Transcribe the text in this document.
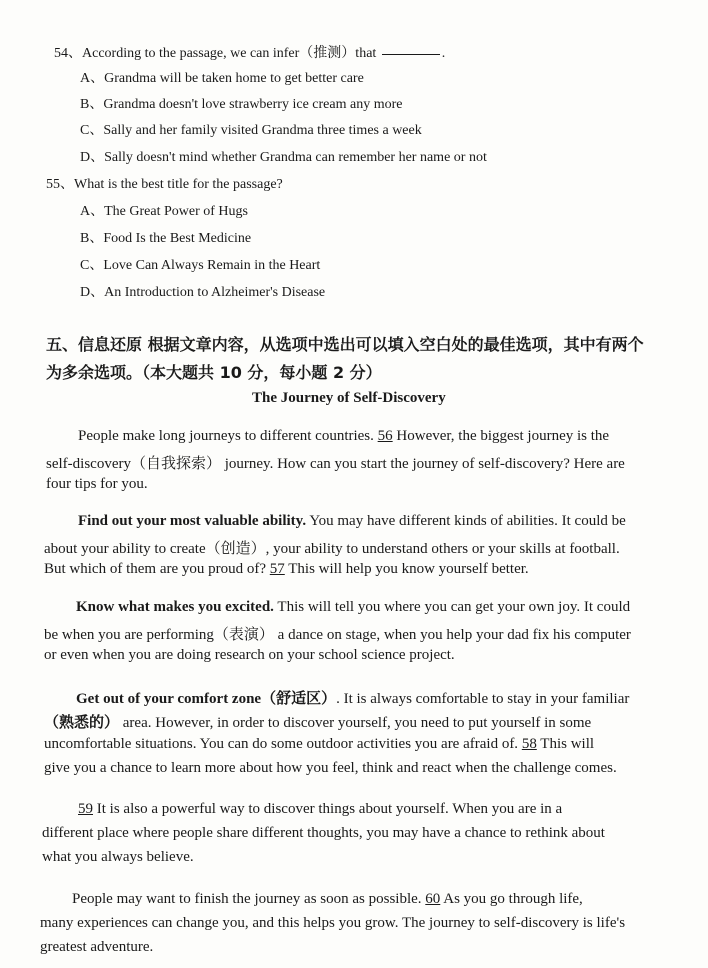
54、According to the passage, we can infer（推测）that	.
A、Grandma will be taken home to get better care
B、Grandma doesn't love strawberry ice cream any more
C、Sally and her family visited Grandma three times a week
D、Sally doesn't mind whether Grandma can remember her name or not
55、What is the best title for the passage?
A、The Great Power of Hugs
B、Food Is the Best Medicine
C、Love Can Always Remain in the Heart
D、An Introduction to Alzheimer's Disease
五、信息还原 根据文章内容，从选项中选出可以填入空白处的最佳选项，其中有两个
为多余选项。（本大题共 10 分，每小题 2 分）
The Journey of Self-Discovery
People make long journeys to different countries. 56 However, the biggest journey is the
self-discovery（自我探索） journey. How can you start the journey of self-discovery? Here are
four tips for you.
Find out your most valuable ability. You may have different kinds of abilities. It could be
about your ability to create（创造）, your ability to understand others or your skills at football.
But which of them are you proud of? 57 This will help you know yourself better.
Know what makes you excited. This will tell you where you can get your own joy. It could
be when you are performing（表演） a dance on stage, when you help your dad fix his computer
or even when you are doing research on your school science project.
Get out of your comfort zone（舒适区）. It is always comfortable to stay in your familiar
（熟悉的） area. However, in order to discover yourself, you need to put yourself in some
uncomfortable situations. You can do some outdoor activities you are afraid of. 58 This will
give you a chance to learn more about how you feel, think and react when the challenge comes.
59 It is also a powerful way to discover things about yourself. When you are in a
different place where people share different thoughts, you may have a chance to rethink about
what you always believe.
People may want to finish the journey as soon as possible. 60 As you go through life,
many experiences can change you, and this helps you grow. The journey to self-discovery is life's
greatest adventure.
